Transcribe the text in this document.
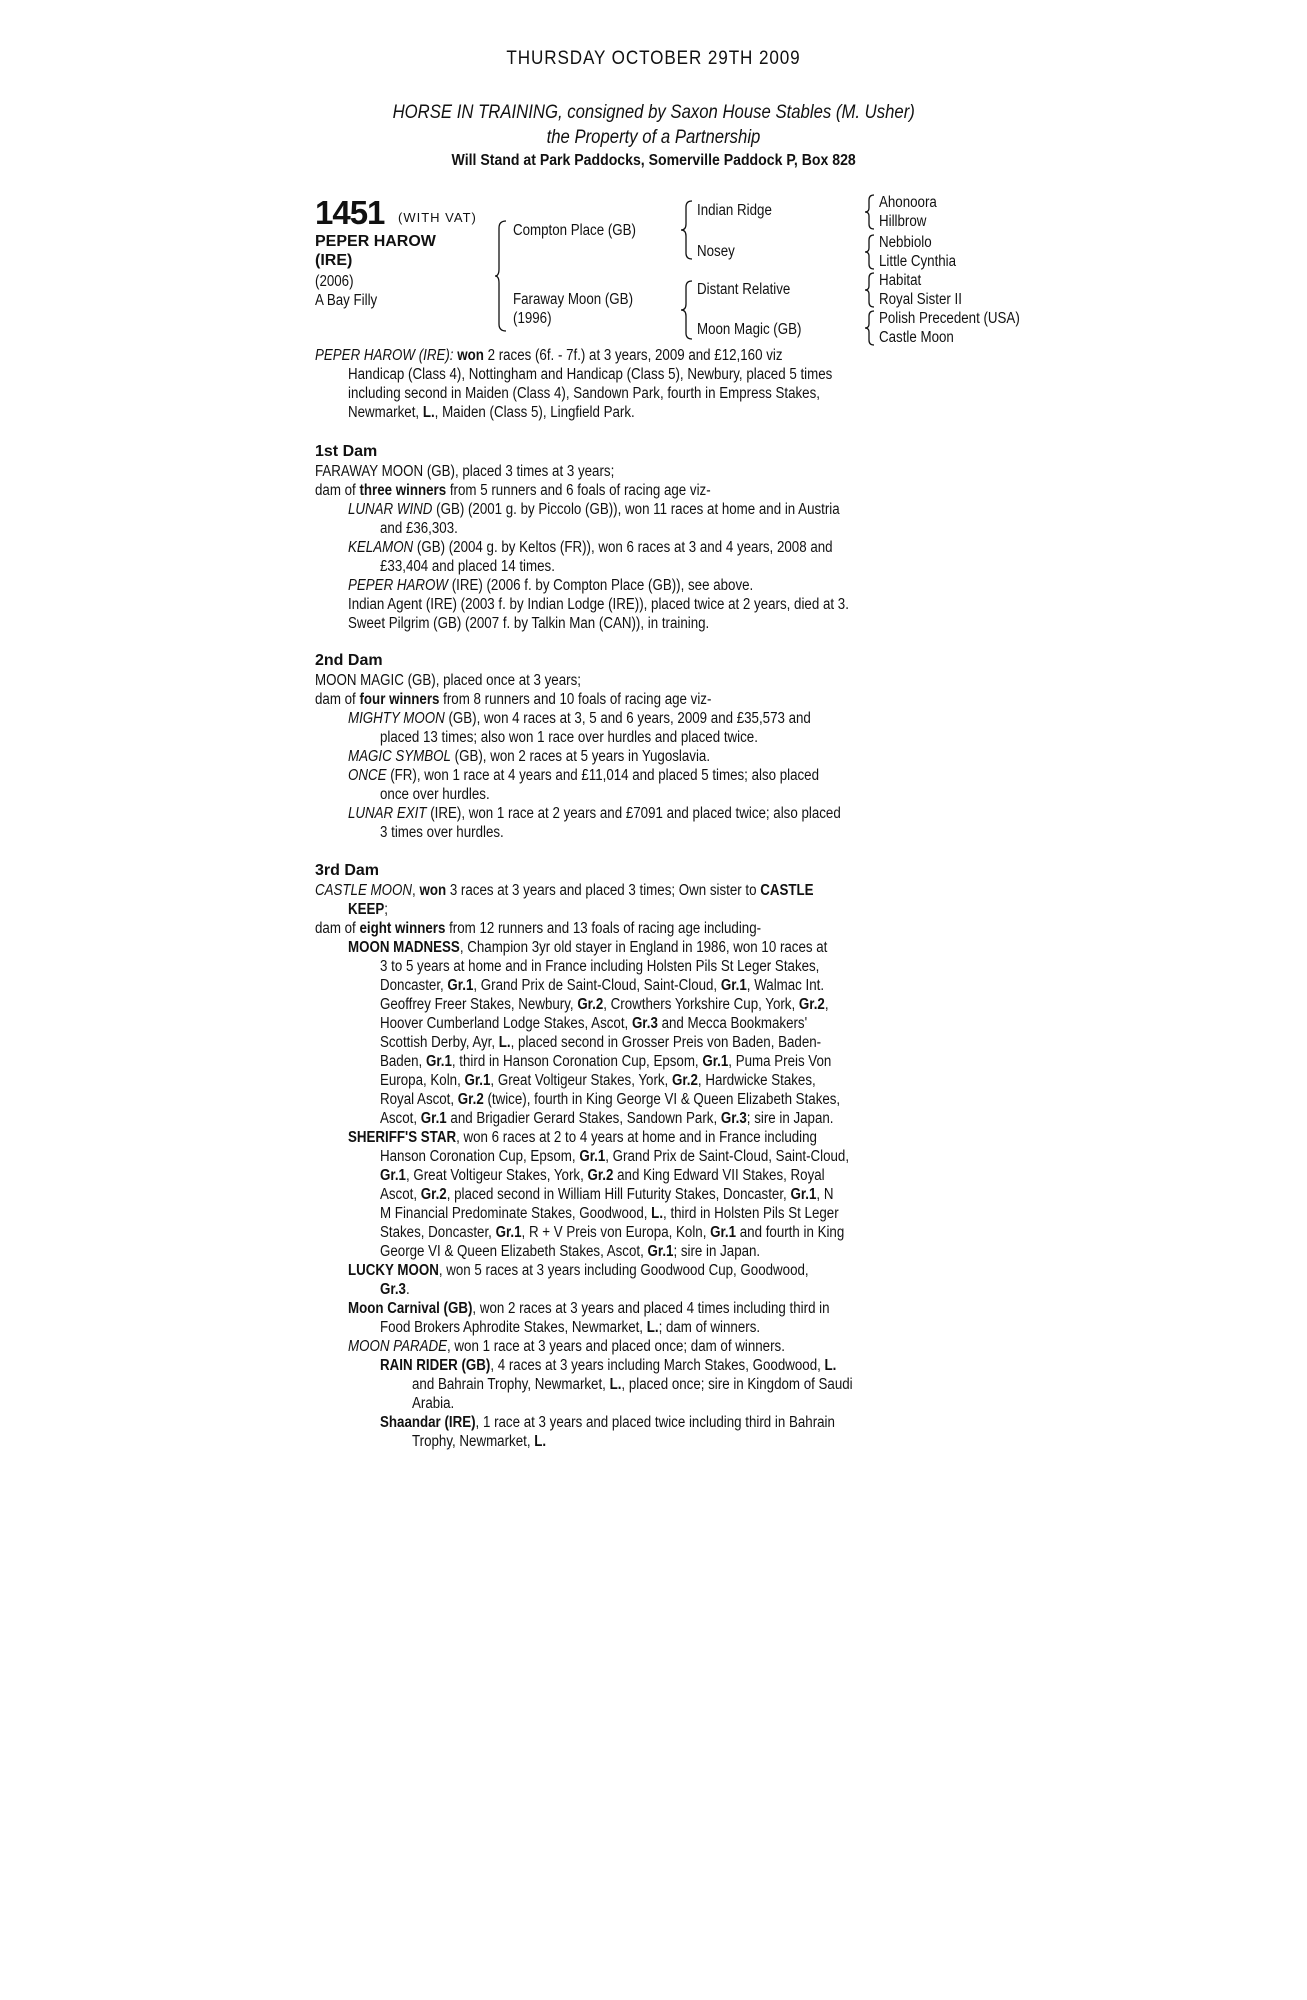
THURSDAY OCTOBER 29TH 2009
HORSE IN TRAINING, consigned by Saxon House Stables (M. Usher)
the Property of a Partnership
Will Stand at Park Paddocks, Somerville Paddock P, Box 828
1451 (WITH VAT)
PEPER HAROW
(IRE)
(2006)
A Bay Filly
Compton Place (GB)
Faraway Moon (GB)
(1996)
Indian Ridge
Nosey
Distant Relative
Moon Magic (GB)
Ahonoora
Hillbrow
Nebbiolo
Little Cynthia
Habitat
Royal Sister II
Polish Precedent (USA)
Castle Moon
PEPER HAROW (IRE): won 2 races (6f. - 7f.) at 3 years, 2009 and £12,160 viz
Handicap (Class 4), Nottingham and Handicap (Class 5), Newbury, placed 5 times
including second in Maiden (Class 4), Sandown Park, fourth in Empress Stakes,
Newmarket, L., Maiden (Class 5), Lingfield Park.
1st Dam
FARAWAY MOON (GB), placed 3 times at 3 years;
dam of three winners from 5 runners and 6 foals of racing age viz-
LUNAR WIND (GB) (2001 g. by Piccolo (GB)), won 11 races at home and in Austria
and £36,303.
KELAMON (GB) (2004 g. by Keltos (FR)), won 6 races at 3 and 4 years, 2008 and
£33,404 and placed 14 times.
PEPER HAROW (IRE) (2006 f. by Compton Place (GB)), see above.
Indian Agent (IRE) (2003 f. by Indian Lodge (IRE)), placed twice at 2 years, died at 3.
Sweet Pilgrim (GB) (2007 f. by Talkin Man (CAN)), in training.
2nd Dam
MOON MAGIC (GB), placed once at 3 years;
dam of four winners from 8 runners and 10 foals of racing age viz-
MIGHTY MOON (GB), won 4 races at 3, 5 and 6 years, 2009 and £35,573 and
placed 13 times; also won 1 race over hurdles and placed twice.
MAGIC SYMBOL (GB), won 2 races at 5 years in Yugoslavia.
ONCE (FR), won 1 race at 4 years and £11,014 and placed 5 times; also placed
once over hurdles.
LUNAR EXIT (IRE), won 1 race at 2 years and £7091 and placed twice; also placed
3 times over hurdles.
3rd Dam
CASTLE MOON, won 3 races at 3 years and placed 3 times; Own sister to CASTLE
KEEP;
dam of eight winners from 12 runners and 13 foals of racing age including-
MOON MADNESS, Champion 3yr old stayer in England in 1986, won 10 races at
3 to 5 years at home and in France including Holsten Pils St Leger Stakes,
Doncaster, Gr.1, Grand Prix de Saint-Cloud, Saint-Cloud, Gr.1, Walmac Int.
Geoffrey Freer Stakes, Newbury, Gr.2, Crowthers Yorkshire Cup, York, Gr.2,
Hoover Cumberland Lodge Stakes, Ascot, Gr.3 and Mecca Bookmakers'
Scottish Derby, Ayr, L., placed second in Grosser Preis von Baden, Baden-
Baden, Gr.1, third in Hanson Coronation Cup, Epsom, Gr.1, Puma Preis Von
Europa, Koln, Gr.1, Great Voltigeur Stakes, York, Gr.2, Hardwicke Stakes,
Royal Ascot, Gr.2 (twice), fourth in King George VI & Queen Elizabeth Stakes,
Ascot, Gr.1 and Brigadier Gerard Stakes, Sandown Park, Gr.3; sire in Japan.
SHERIFF'S STAR, won 6 races at 2 to 4 years at home and in France including
Hanson Coronation Cup, Epsom, Gr.1, Grand Prix de Saint-Cloud, Saint-Cloud,
Gr.1, Great Voltigeur Stakes, York, Gr.2 and King Edward VII Stakes, Royal
Ascot, Gr.2, placed second in William Hill Futurity Stakes, Doncaster, Gr.1, N
M Financial Predominate Stakes, Goodwood, L., third in Holsten Pils St Leger
Stakes, Doncaster, Gr.1, R + V Preis von Europa, Koln, Gr.1 and fourth in King
George VI & Queen Elizabeth Stakes, Ascot, Gr.1; sire in Japan.
LUCKY MOON, won 5 races at 3 years including Goodwood Cup, Goodwood,
Gr.3.
Moon Carnival (GB), won 2 races at 3 years and placed 4 times including third in
Food Brokers Aphrodite Stakes, Newmarket, L.; dam of winners.
MOON PARADE, won 1 race at 3 years and placed once; dam of winners.
RAIN RIDER (GB), 4 races at 3 years including March Stakes, Goodwood, L.
and Bahrain Trophy, Newmarket, L., placed once; sire in Kingdom of Saudi
Arabia.
Shaandar (IRE), 1 race at 3 years and placed twice including third in Bahrain
Trophy, Newmarket, L.
